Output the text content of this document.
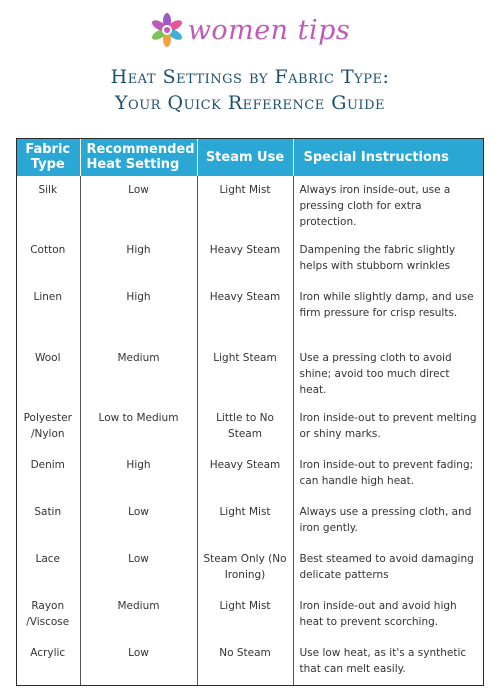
women tips
Heat Settings by Fabric Type:
Your Quick Reference Guide
Fabric Type	Recommended Heat Setting	Steam Use	Special Instructions
Silk	Low	Light Mist	Always iron inside-out, use a pressing cloth for extra protection.
Cotton	High	Heavy Steam	Dampening the fabric slightly helps with stubborn wrinkles
Linen	High	Heavy Steam	Iron while slightly damp, and use firm pressure for crisp results.
Wool	Medium	Light Steam	Use a pressing cloth to avoid shine; avoid too much direct heat.
Polyester /Nylon	Low to Medium	Little to No Steam	Iron inside-out to prevent melting or shiny marks.
Denim	High	Heavy Steam	Iron inside-out to prevent fading; can handle high heat.
Satin	Low	Light Mist	Always use a pressing cloth, and iron gently.
Lace	Low	Steam Only (No Ironing)	Best steamed to avoid damaging delicate patterns
Rayon /Viscose	Medium	Light Mist	Iron inside-out and avoid high heat to prevent scorching.
Acrylic	Low	No Steam	Use low heat, as it's a synthetic that can melt easily.
